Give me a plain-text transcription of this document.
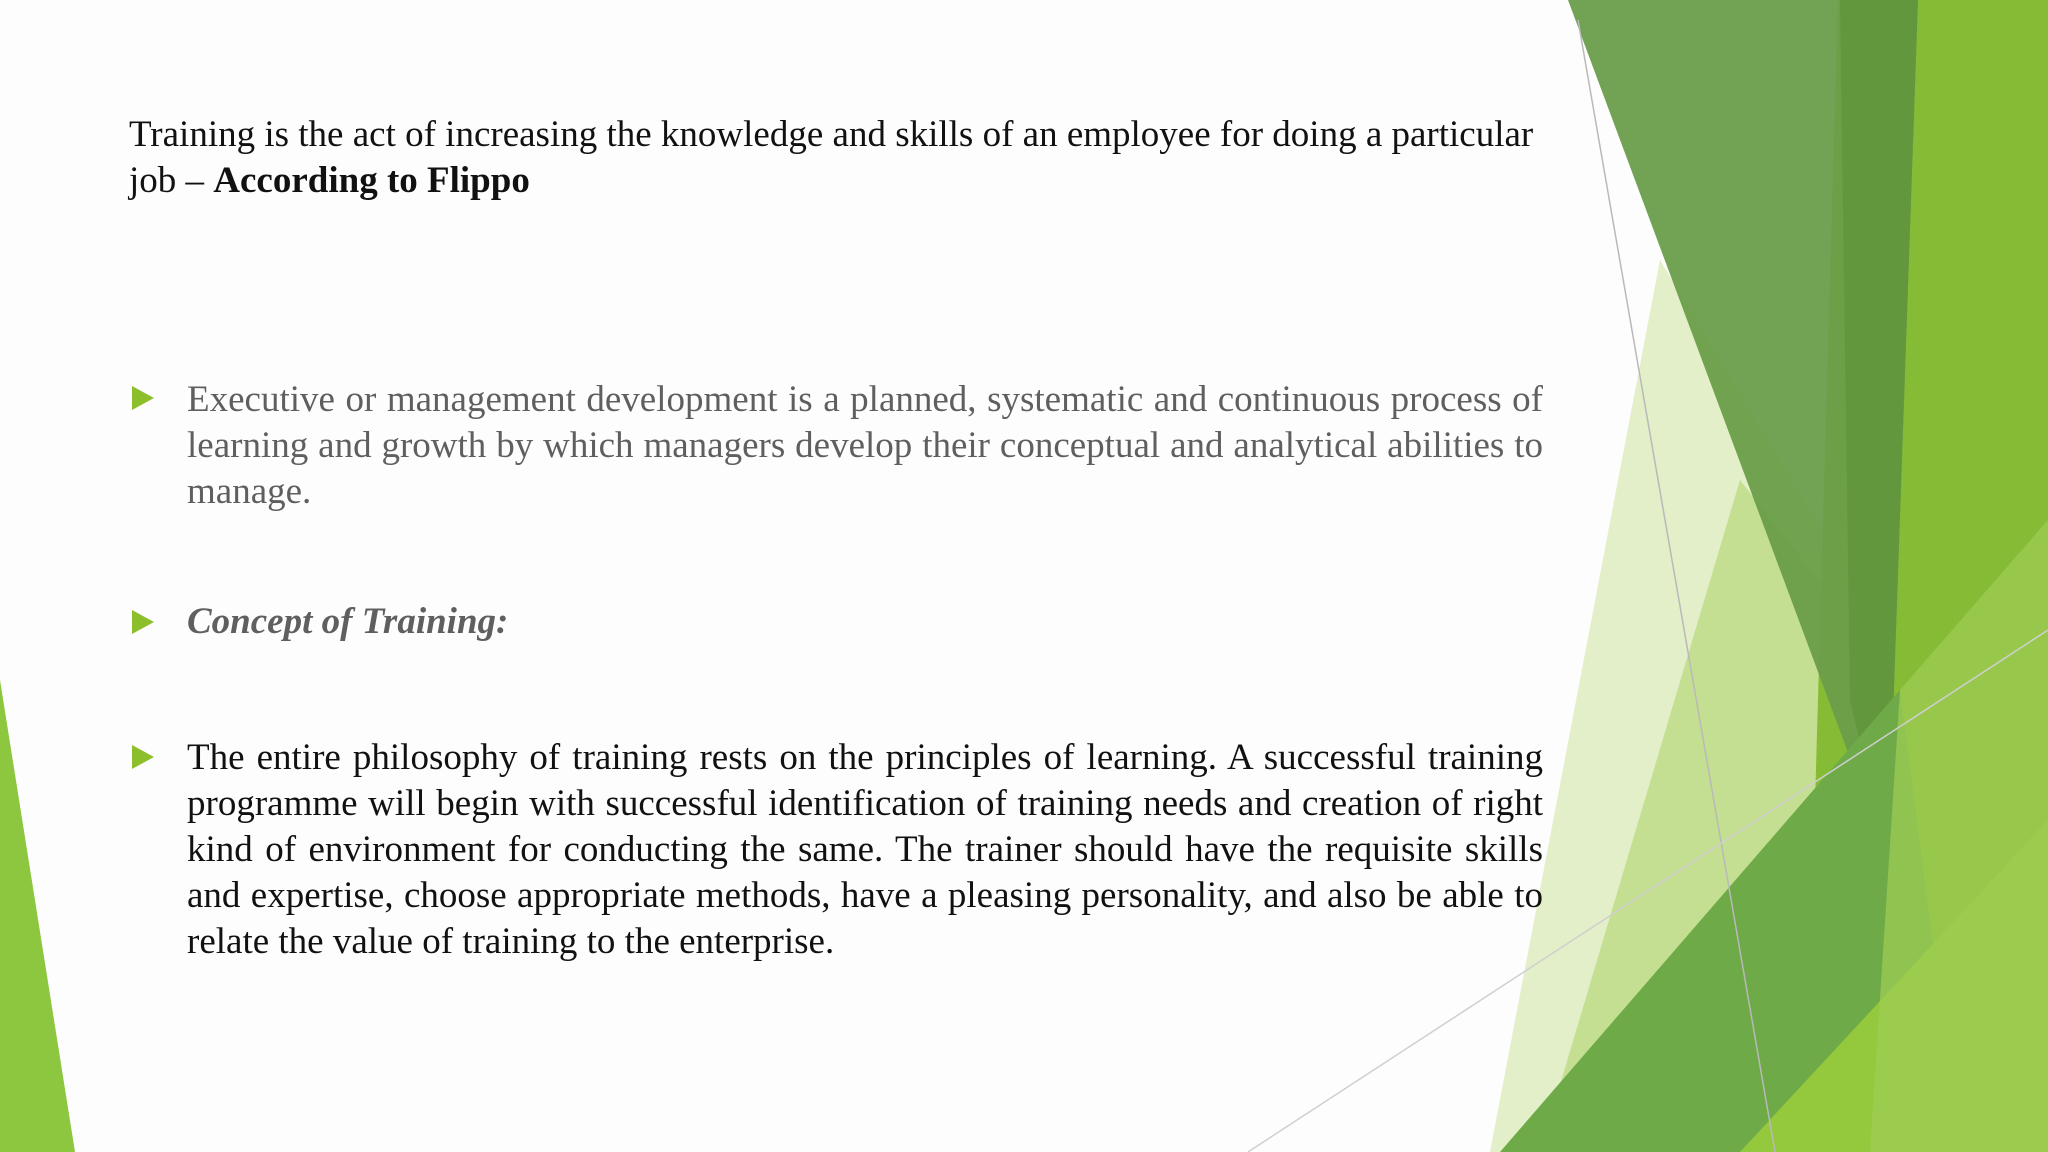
Training is the act of increasing the knowledge and skills of an employee for doing a particular job – According to Flippo
Executive or management development is a planned, systematic and continuous process of learning and growth by which managers develop their conceptual and analytical abilities to manage.
Concept of Training:
The entire philosophy of training rests on the principles of learning. A successful training programme will begin with successful identification of training needs and creation of right kind of environment for conducting the same. The trainer should have the requisite skills and expertise, choose appropriate methods, have a pleasing personality, and also be able to relate the value of training to the enterprise.
